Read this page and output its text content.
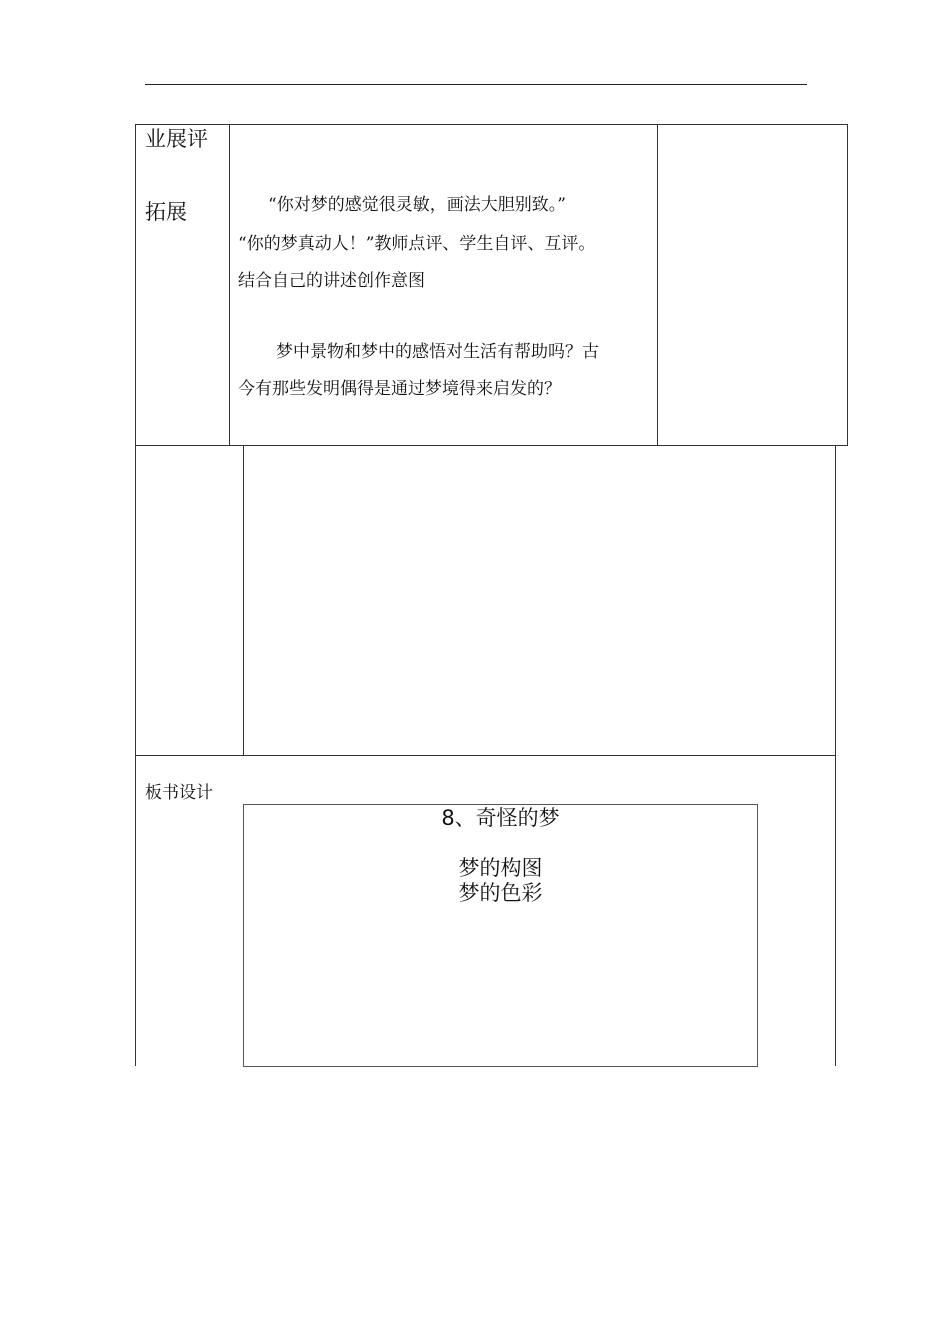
业展评
拓展	“你对梦的感觉很灵敏，画法大胆别致。”
“你的梦真动人！”教师点评、学生自评、互评。
结合自己的讲述创作意图
梦中景物和梦中的感悟对生活有帮助吗？古
今有那些发明偶得是通过梦境得来启发的？
板书设计
8、奇怪的梦
梦的构图
梦的色彩
